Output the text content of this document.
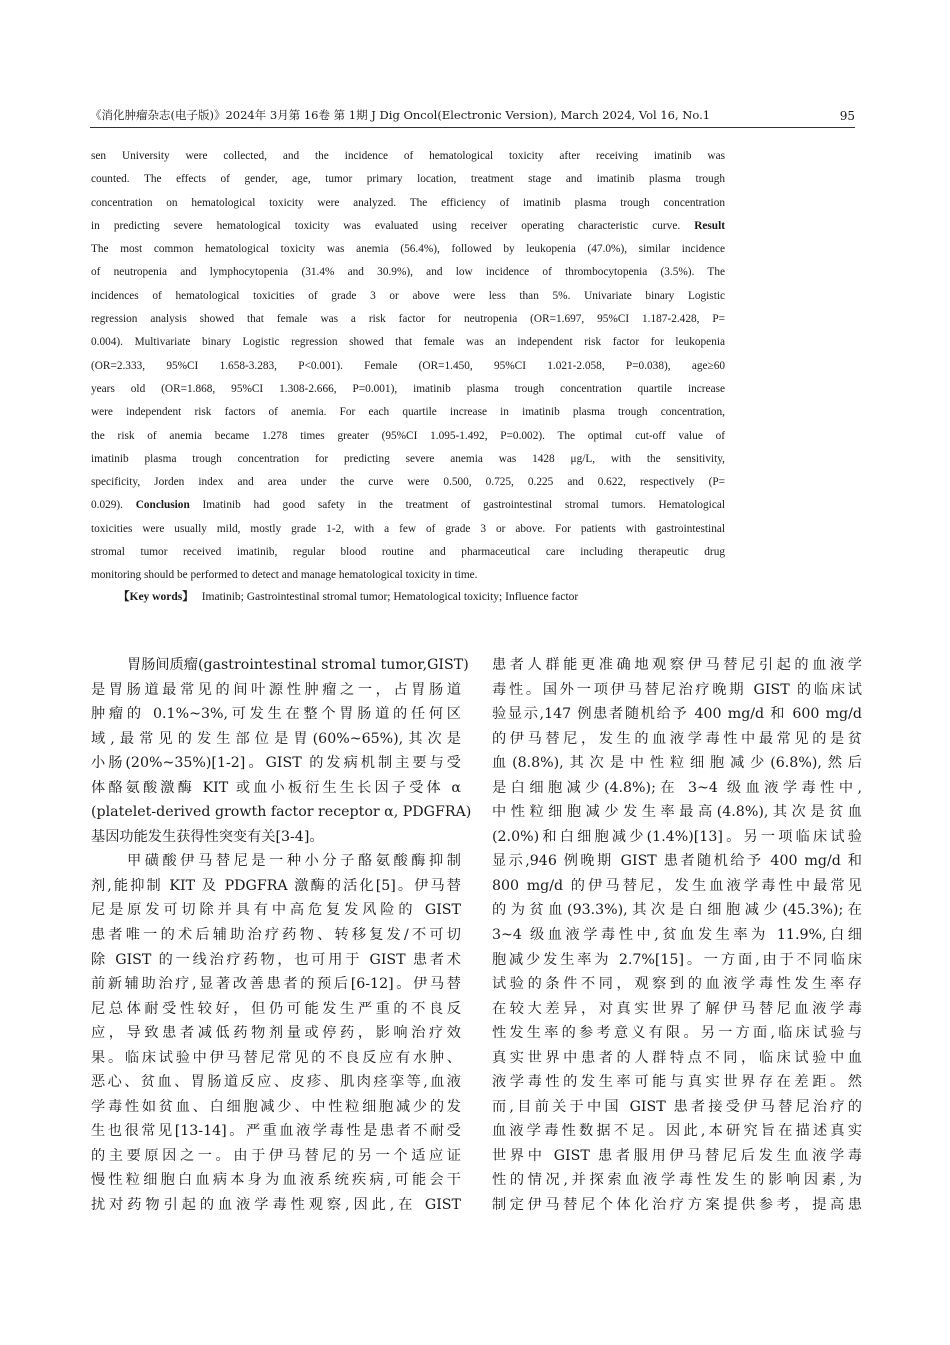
《消化肿瘤杂志(电子版)》2024年 3月第 16卷 第 1期 J Dig Oncol(Electronic Version), March 2024, Vol 16, No.1	95
sen University were collected, and the incidence of hematological toxicity after receiving imatinib was
counted. The effects of gender, age, tumor primary location, treatment stage and imatinib plasma trough
concentration on hematological toxicity were analyzed. The efficiency of imatinib plasma trough concentration
in predicting severe hematological toxicity was evaluated using receiver operating characteristic curve. Result
The most common hematological toxicity was anemia (56.4%), followed by leukopenia (47.0%), similar incidence
of neutropenia and lymphocytopenia (31.4% and 30.9%), and low incidence of thrombocytopenia (3.5%). The
incidences of hematological toxicities of grade 3 or above were less than 5%. Univariate binary Logistic
regression analysis showed that female was a risk factor for neutropenia (OR=1.697, 95%CI 1.187-2.428, P=
0.004). Multivariate binary Logistic regression showed that female was an independent risk factor for leukopenia
(OR=2.333, 95%CI 1.658-3.283, P<0.001). Female (OR=1.450, 95%CI 1.021-2.058, P=0.038), age≥60
years old (OR=1.868, 95%CI 1.308-2.666, P=0.001), imatinib plasma trough concentration quartile increase
were independent risk factors of anemia. For each quartile increase in imatinib plasma trough concentration,
the risk of anemia became 1.278 times greater (95%CI 1.095-1.492, P=0.002). The optimal cut-off value of
imatinib plasma trough concentration for predicting severe anemia was 1428 μg/L, with the sensitivity,
specificity, Jorden index and area under the curve were 0.500, 0.725, 0.225 and 0.622, respectively (P=
0.029). Conclusion Imatinib had good safety in the treatment of gastrointestinal stromal tumors. Hematological
toxicities were usually mild, mostly grade 1-2, with a few of grade 3 or above. For patients with gastrointestinal
stromal tumor received imatinib, regular blood routine and pharmaceutical care including therapeutic drug
monitoring should be performed to detect and manage hematological toxicity in time.
【Key words】 Imatinib; Gastrointestinal stromal tumor; Hematological toxicity; Influence factor
胃肠间质瘤(gastrointestinal stromal tumor,GIST)
是胃肠道最常见的间叶源性肿瘤之一，占胃肠道
肿瘤的 0.1%~3%,可发生在整个胃肠道的任何区
域,最常见的发生部位是胃(60%~65%),其次是
小肠(20%~35%)[1-2]。GIST 的发病机制主要与受
体酪氨酸激酶 KIT 或血小板衍生生长因子受体 α
(platelet-derived growth factor receptor α, PDGFRA)
基因功能发生获得性突变有关[3-4]。
甲磺酸伊马替尼是一种小分子酪氨酸酶抑制
剂,能抑制 KIT 及 PDGFRA 激酶的活化[5]。伊马替
尼是原发可切除并具有中高危复发风险的 GIST
患者唯一的术后辅助治疗药物、转移复发/不可切
除 GIST 的一线治疗药物，也可用于 GIST 患者术
前新辅助治疗,显著改善患者的预后[6-12]。伊马替
尼总体耐受性较好，但仍可能发生严重的不良反
应，导致患者减低药物剂量或停药，影响治疗效
果。临床试验中伊马替尼常见的不良反应有水肿、
恶心、贫血、胃肠道反应、皮疹、肌肉痉挛等,血液
学毒性如贫血、白细胞减少、中性粒细胞减少的发
生也很常见[13-14]。严重血液学毒性是患者不耐受
的主要原因之一。由于伊马替尼的另一个适应证
慢性粒细胞白血病本身为血液系统疾病,可能会干
扰对药物引起的血液学毒性观察,因此,在 GIST
患者人群能更准确地观察伊马替尼引起的血液学
毒性。国外一项伊马替尼治疗晚期 GIST 的临床试
验显示,147 例患者随机给予 400 mg/d 和 600 mg/d
的伊马替尼，发生的血液学毒性中最常见的是贫
血(8.8%),其次是中性粒细胞减少(6.8%),然后
是白细胞减少(4.8%);在 3~4 级血液学毒性中,
中性粒细胞减少发生率最高(4.8%),其次是贫血
(2.0%)和白细胞减少(1.4%)[13]。另一项临床试验
显示,946 例晚期 GIST 患者随机给予 400 mg/d 和
800 mg/d 的伊马替尼，发生血液学毒性中最常见
的为贫血(93.3%),其次是白细胞减少(45.3%);在
3~4 级血液学毒性中,贫血发生率为 11.9%,白细
胞减少发生率为 2.7%[15]。一方面,由于不同临床
试验的条件不同，观察到的血液学毒性发生率存
在较大差异，对真实世界了解伊马替尼血液学毒
性发生率的参考意义有限。另一方面,临床试验与
真实世界中患者的人群特点不同，临床试验中血
液学毒性的发生率可能与真实世界存在差距。然
而,目前关于中国 GIST 患者接受伊马替尼治疗的
血液学毒性数据不足。因此,本研究旨在描述真实
世界中 GIST 患者服用伊马替尼后发生血液学毒
性的情况,并探索血液学毒性发生的影响因素,为
制定伊马替尼个体化治疗方案提供参考，提高患
